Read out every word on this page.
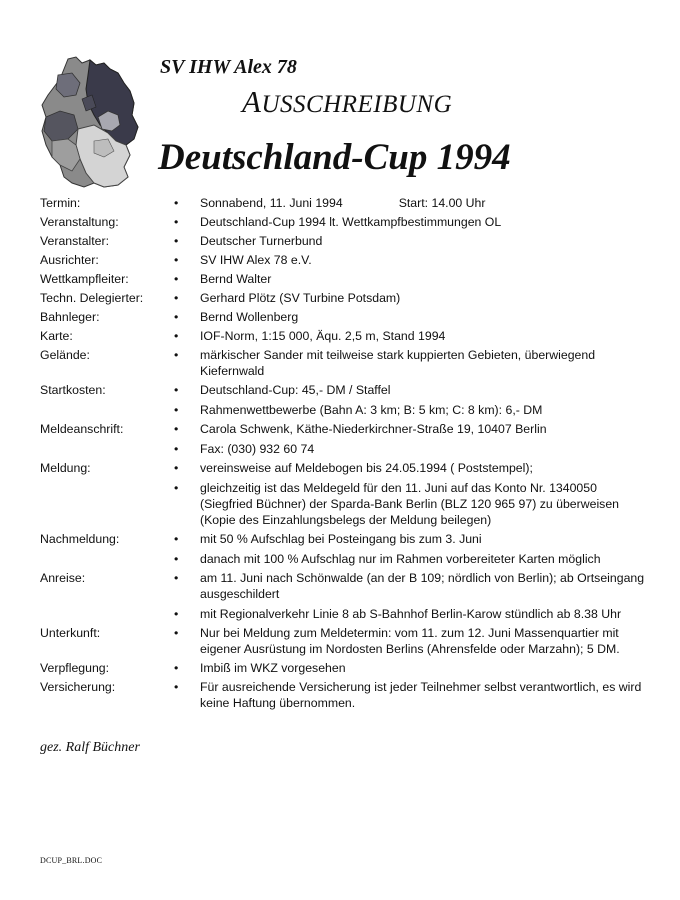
SV IHW Alex 78
AUSSCHREIBUNG
Deutschland-Cup 1994
Termin:	•	Sonnabend, 11. Juni 1994	Start: 14.00 Uhr
Veranstaltung:	•	Deutschland-Cup 1994 lt. Wettkampfbestimmungen OL
Veranstalter:	•	Deutscher Turnerbund
Ausrichter:	•	SV IHW Alex 78 e.V.
Wettkampfleiter:	•	Bernd Walter
Techn. Delegierter:	•	Gerhard Plötz (SV Turbine Potsdam)
Bahnleger:	•	Bernd Wollenberg
Karte:	•	IOF-Norm, 1:15 000, Äqu. 2,5 m, Stand 1994
Gelände:	•	märkischer Sander mit teilweise stark kuppierten Gebieten, überwiegend Kiefernwald
Startkosten:	•	Deutschland-Cup: 45,- DM / Staffel
•	Rahmenwettbewerbe (Bahn A: 3 km; B: 5 km; C: 8 km): 6,- DM
Meldeanschrift:	•	Carola Schwenk, Käthe-Niederkirchner-Straße 19, 10407 Berlin
•	Fax: (030) 932 60 74
Meldung:	•	vereinsweise auf Meldebogen bis 24.05.1994 ( Poststempel);
•	gleichzeitig ist das Meldegeld für den 11. Juni auf das Konto Nr. 1340050 (Siegfried Büchner) der Sparda-Bank Berlin (BLZ 120 965 97) zu überweisen (Kopie des Einzahlungsbelegs der Meldung beilegen)
Nachmeldung:	•	mit 50 % Aufschlag bei Posteingang bis zum 3. Juni
•	danach mit 100 % Aufschlag nur im Rahmen vorbereiteter Karten möglich
Anreise:	•	am 11. Juni nach Schönwalde (an der B 109; nördlich von Berlin); ab Ortseingang ausgeschildert
•	mit Regionalverkehr Linie 8 ab S-Bahnhof Berlin-Karow stündlich ab 8.38 Uhr
Unterkunft:	•	Nur bei Meldung zum Meldetermin: vom 11. zum 12. Juni Massenquartier mit eigener Ausrüstung im Nordosten Berlins (Ahrensfelde oder Marzahn); 5 DM.
Verpflegung:	•	Imbiß im WKZ vorgesehen
Versicherung:	•	Für ausreichende Versicherung ist jeder Teilnehmer selbst verantwortlich, es wird keine Haftung übernommen.
gez. Ralf Büchner
DCUP_BRL.DOC
